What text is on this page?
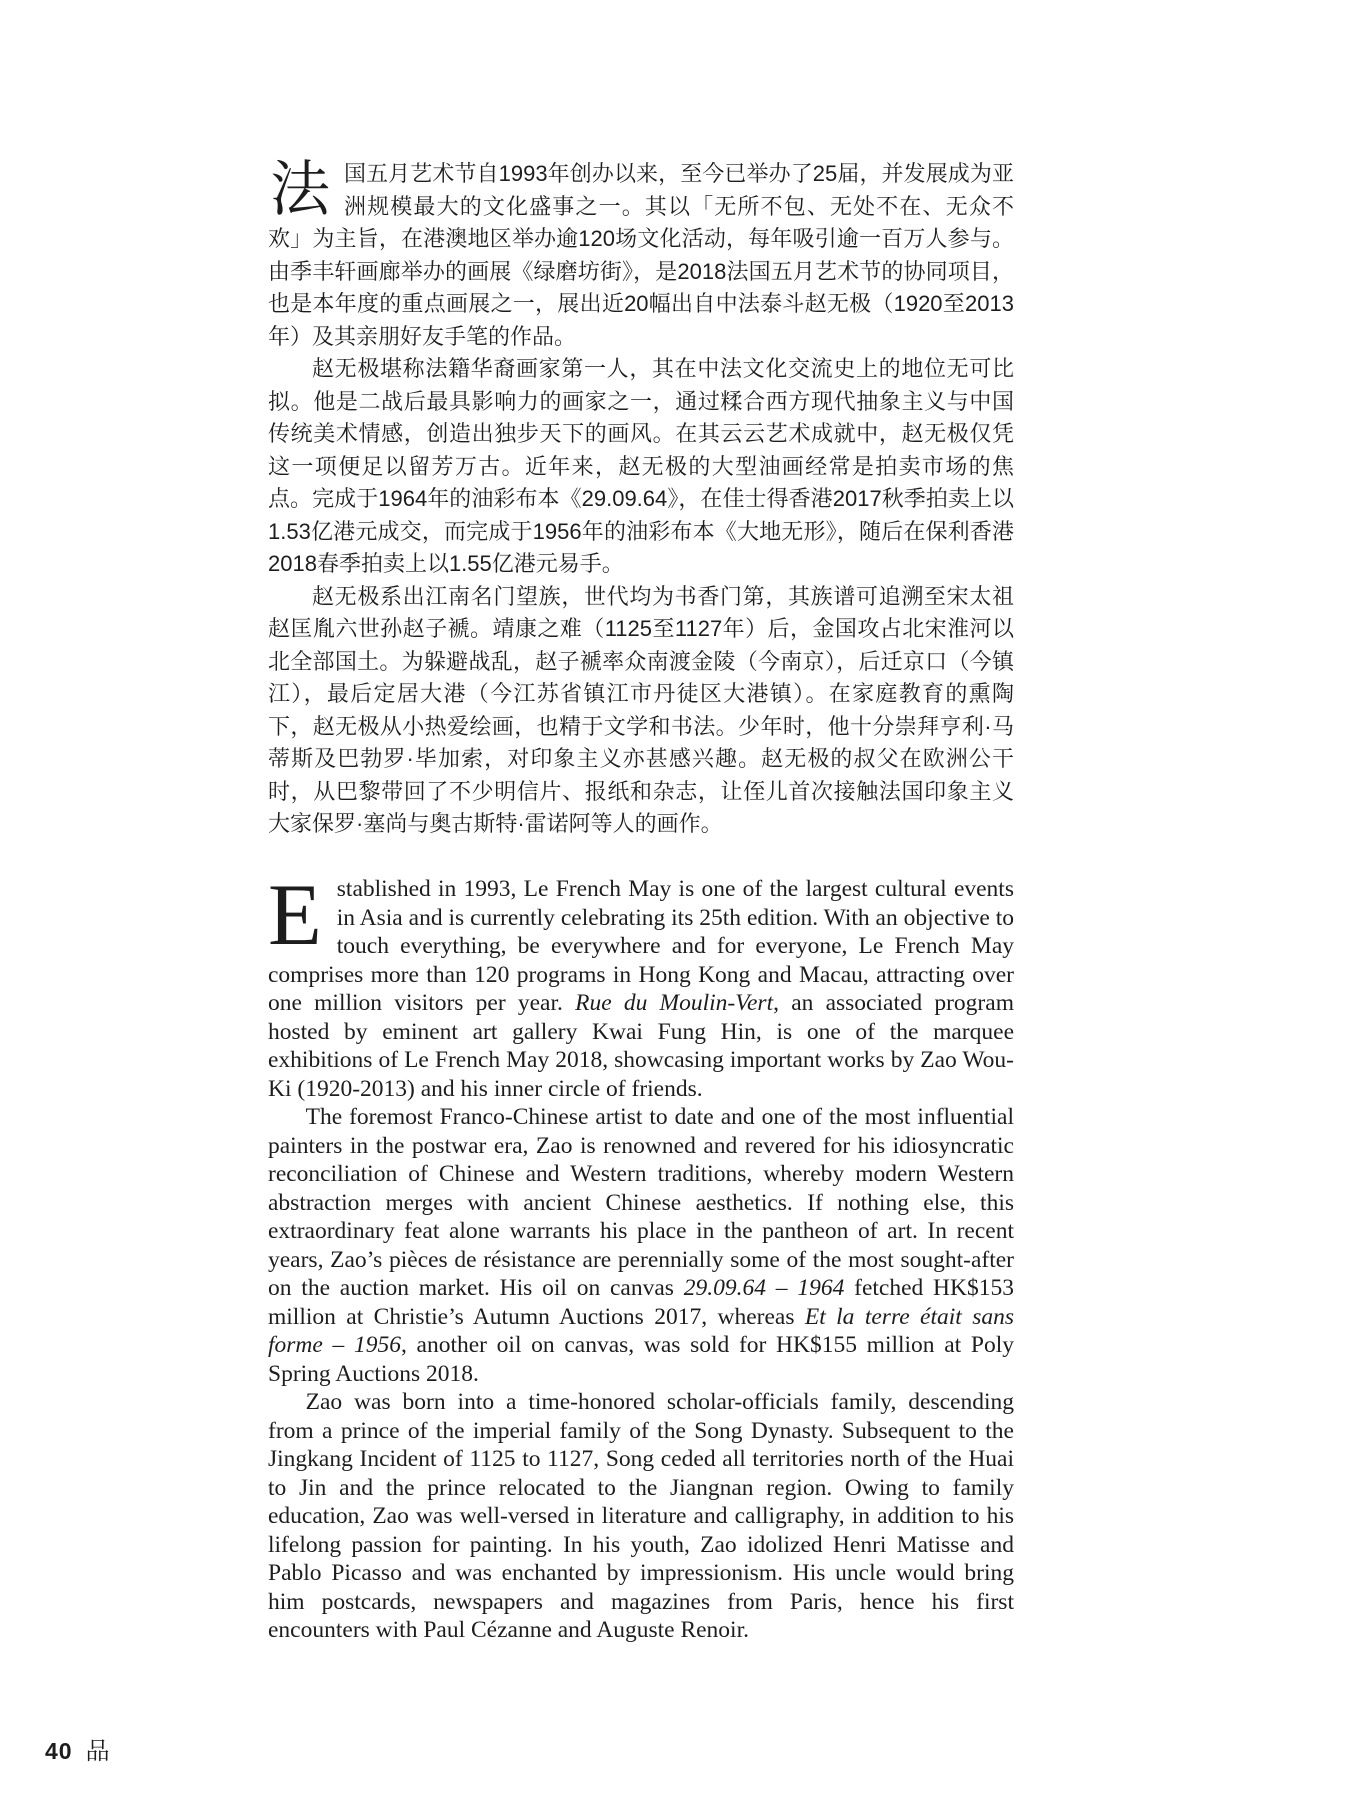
法国五月艺术节自1993年创办以来，至今已举办了25届，并发展成为亚洲规模最大的文化盛事之一。其以「无所不包、无处不在、无众不欢」为主旨，在港澳地区举办逾120场文化活动，每年吸引逾一百万人参与。由季丰轩画廊举办的画展《绿磨坊街》，是2018法国五月艺术节的协同项目，也是本年度的重点画展之一，展出近20幅出自中法泰斗赵无极（1920至2013年）及其亲朋好友手笔的作品。

赵无极堪称法籍华裔画家第一人，其在中法文化交流史上的地位无可比拟。他是二战后最具影响力的画家之一，通过糅合西方现代抽象主义与中国传统美术情感，创造出独步天下的画风。在其云云艺术成就中，赵无极仅凭这一项便足以留芳万古。近年来，赵无极的大型油画经常是拍卖市场的焦点。完成于1964年的油彩布本《29.09.64》，在佳士得香港2017秋季拍卖上以1.53亿港元成交，而完成于1956年的油彩布本《大地无形》，随后在保利香港2018春季拍卖上以1.55亿港元易手。

赵无极系出江南名门望族，世代均为书香门第，其族谱可追溯至宋太祖赵匡胤六世孙赵子褫。靖康之难（1125至1127年）后，金国攻占北宋淮河以北全部国土。为躲避战乱，赵子褫率众南渡金陵（今南京），后迁京口（今镇江），最后定居大港（今江苏省镇江市丹徒区大港镇）。在家庭教育的熏陶下，赵无极从小热爱绘画，也精于文学和书法。少年时，他十分崇拜亨利·马蒂斯及巴勃罗·毕加索，对印象主义亦甚感兴趣。赵无极的叔父在欧洲公干时，从巴黎带回了不少明信片、报纸和杂志，让侄儿首次接触法国印象主义大家保罗·塞尚与奥古斯特·雷诺阿等人的画作。

Established in 1993, Le French May is one of the largest cultural events in Asia and is currently celebrating its 25th edition. With an objective to touch everything, be everywhere and for everyone, Le French May comprises more than 120 programs in Hong Kong and Macau, attracting over one million visitors per year. Rue du Moulin-Vert, an associated program hosted by eminent art gallery Kwai Fung Hin, is one of the marquee exhibitions of Le French May 2018, showcasing important works by Zao Wou-Ki (1920-2013) and his inner circle of friends.

The foremost Franco-Chinese artist to date and one of the most influential painters in the postwar era, Zao is renowned and revered for his idiosyncratic reconciliation of Chinese and Western traditions, whereby modern Western abstraction merges with ancient Chinese aesthetics. If nothing else, this extraordinary feat alone warrants his place in the pantheon of art. In recent years, Zao’s pièces de résistance are perennially some of the most sought-after on the auction market. His oil on canvas 29.09.64 – 1964 fetched HK$153 million at Christie’s Autumn Auctions 2017, whereas Et la terre était sans forme – 1956, another oil on canvas, was sold for HK$155 million at Poly Spring Auctions 2018.

Zao was born into a time-honored scholar-officials family, descending from a prince of the imperial family of the Song Dynasty. Subsequent to the Jingkang Incident of 1125 to 1127, Song ceded all territories north of the Huai to Jin and the prince relocated to the Jiangnan region. Owing to family education, Zao was well-versed in literature and calligraphy, in addition to his lifelong passion for painting. In his youth, Zao idolized Henri Matisse and Pablo Picasso and was enchanted by impressionism. His uncle would bring him postcards, newspapers and magazines from Paris, hence his first encounters with Paul Cézanne and Auguste Renoir.

40 品
